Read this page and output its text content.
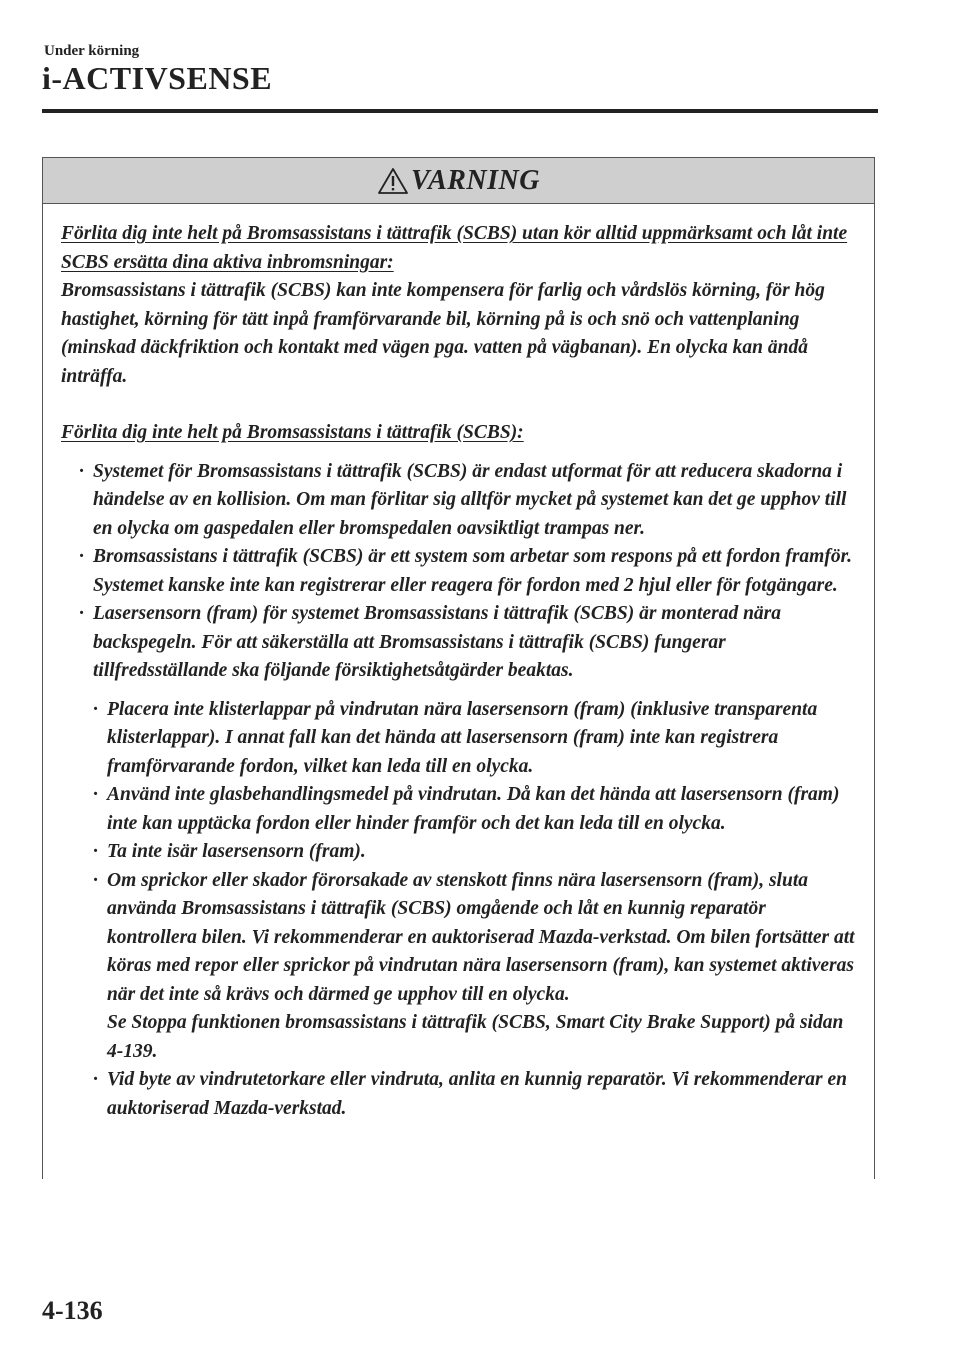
Under körning
i-ACTIVSENSE
VARNING

Förlita dig inte helt på Bromsassistans i tättrafik (SCBS) utan kör alltid uppmärksamt och låt inte SCBS ersätta dina aktiva inbromsningar:

Bromsassistans i tättrafik (SCBS) kan inte kompensera för farlig och vårdslös körning, för hög hastighet, körning för tätt inpå framförvarande bil, körning på is och snö och vattenplaning (minskad däckfriktion och kontakt med vägen pga. vatten på vägbanan). En olycka kan ändå inträffa.

Förlita dig inte helt på Bromsassistans i tättrafik (SCBS):

· Systemet för Bromsassistans i tättrafik (SCBS) är endast utformat för att reducera skadorna i händelse av en kollision. Om man förlitar sig alltför mycket på systemet kan det ge upphov till en olycka om gaspedalen eller bromspedalen oavsiktligt trampas ner.
· Bromsassistans i tättrafik (SCBS) är ett system som arbetar som respons på ett fordon framför. Systemet kanske inte kan registrerar eller reagera för fordon med 2 hjul eller för fotgängare.
· Lasersensorn (fram) för systemet Bromsassistans i tättrafik (SCBS) är monterad nära backspegeln. För att säkerställa att Bromsassistans i tättrafik (SCBS) fungerar tillfredsställande ska följande försiktighetsåtgärder beaktas.
· Placera inte klisterlappar på vindrutan nära lasersensorn (fram) (inklusive transparenta klisterlappar). I annat fall kan det hända att lasersensorn (fram) inte kan registrera framförvarande fordon, vilket kan leda till en olycka.
· Använd inte glasbehandlingsmedel på vindrutan. Då kan det hända att lasersensorn (fram) inte kan upptäcka fordon eller hinder framför och det kan leda till en olycka.
· Ta inte isär lasersensorn (fram).
· Om sprickor eller skador förorsakade av stenskott finns nära lasersensorn (fram), sluta använda Bromsassistans i tättrafik (SCBS) omgående och låt en kunnig reparatör kontrollera bilen. Vi rekommenderar en auktoriserad Mazda-verkstad. Om bilen fortsätter att köras med repor eller sprickor på vindrutan nära lasersensorn (fram), kan systemet aktiveras när det inte så krävs och därmed ge upphov till en olycka.
Se Stoppa funktionen bromsassistans i tättrafik (SCBS, Smart City Brake Support) på sidan 4-139.
· Vid byte av vindrutetorkare eller vindruta, anlita en kunnig reparatör. Vi rekommenderar en auktoriserad Mazda-verkstad.
4-136
